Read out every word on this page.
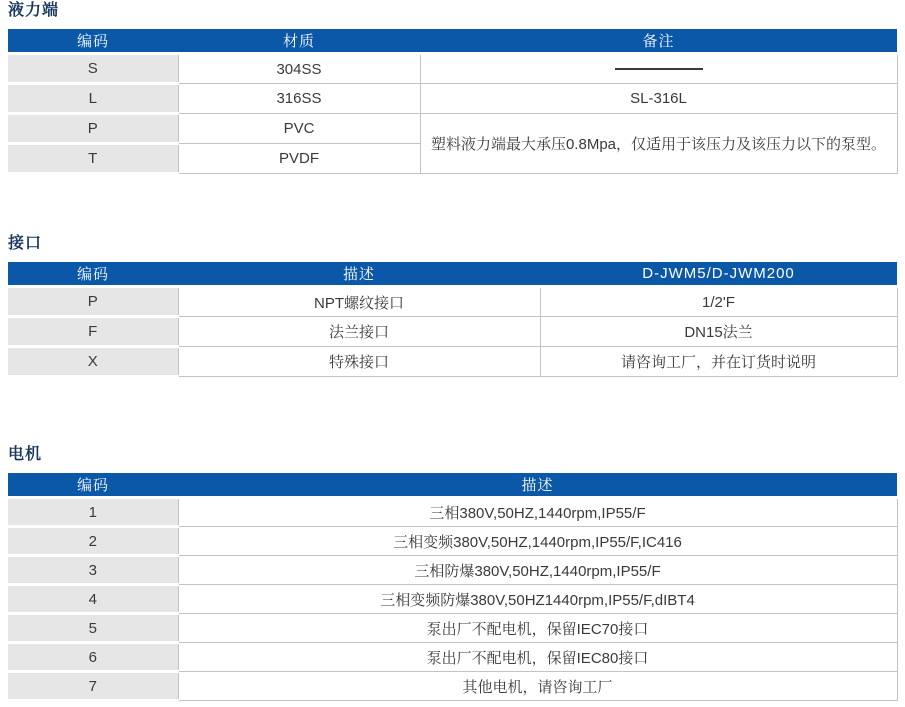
液力端
编码	材质	备注
S	304SS	

L	316SS	SL-316L
P	PVC	塑料液力端最大承压0.8Mpa，仅适用于该压力及该压力以下的泵型。
T	PVDF	
接口
编码	描述	D-JWM5/D-JWM200
P	NPT螺纹接口	1/2'F
F	法兰接口	DN15法兰
X	特殊接口	请咨询工厂，并在订货时说明
电机
编码	描述
1	三相380V,50HZ,1440rpm,IP55/F
2	三相变频380V,50HZ,1440rpm,IP55/F,IC416
3	三相防爆380V,50HZ,1440rpm,IP55/F
4	三相变频防爆380V,50HZ1440rpm,IP55/F,dIBT4
5	泵出厂不配电机，保留IEC70接口
6	泵出厂不配电机，保留IEC80接口
7	其他电机，请咨询工厂
